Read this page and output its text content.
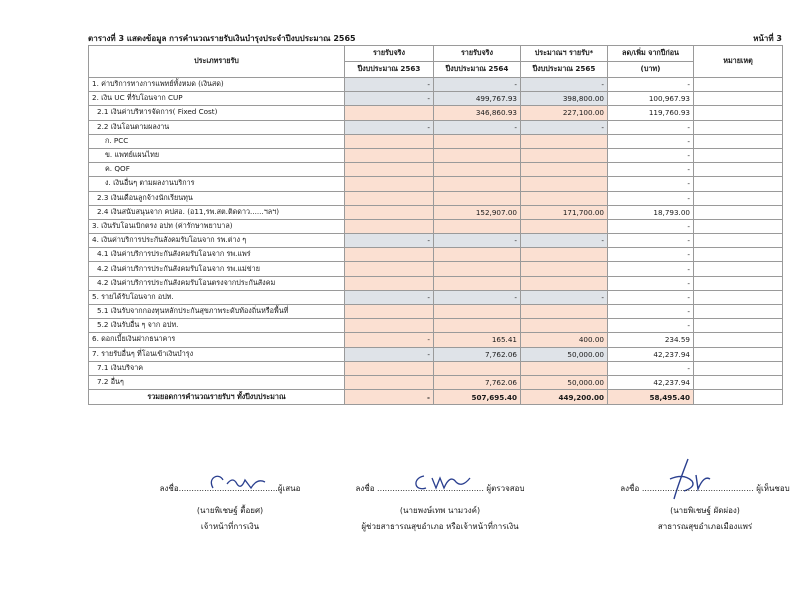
ตารางที่ 3 แสดงข้อมูล การคำนวณรายรับเงินบำรุงประจำปีงบประมาณ 2565	หน้าที่ 3
ประเภทรายรับ	รายรับจริง	รายรับจริง	ประมาณฯ รายรับ*	ลด/เพิ่ม จากปีก่อน	หมายเหตุ
	ปีงบประมาณ 2563	ปีงบประมาณ 2564	ปีงบประมาณ 2565	(บาท)	
1. ค่าบริการทางการแพทย์ทั้งหมด (เงินสด)	-	-	-	-	
2. เงิน UC ที่รับโอนจาก CUP	-	499,767.93	398,800.00	100,967.93	
2.1 เงินค่าบริหารจัดการ( Fixed Cost)		346,860.93	227,100.00	119,760.93	
2.2 เงินโอนตามผลงาน	-	-	-	-	
ก. PCC				-	
ข. แพทย์แผนไทย				-	
ค. QOF				-	
ง. เงินอื่นๆ ตามผลงานบริการ				-	
2.3 เงินเดือนลูกจ้างนักเรียนทุน				-	
2.4 เงินสนับสนุนจาก คปสอ. (อ11,รพ.สต.ติดดาว......ฯลฯ)		152,907.00	171,700.00	18,793.00	
3. เงินรับโอนเบิกตรง อปท (ค่ารักษาพยาบาล)				-	
4. เงินค่าบริการประกันสังคมรับโอนจาก รพ.ต่าง ๆ	-	-	-	-	
4.1 เงินค่าบริการประกันสังคมรับโอนจาก รพ.แพร่				-	
4.2 เงินค่าบริการประกันสังคมรับโอนจาก รพ.แม่ข่าย				-	
4.2 เงินค่าบริการประกันสังคมรับโอนตรงจากประกันสังคม				-	
5. รายได้รับโอนจาก อปท.	-	-	-	-	
5.1 เงินรับจากกองทุนหลักประกันสุขภาพระดับท้องถิ่นหรือพื้นที่				-	
5.2 เงินรับอื่น ๆ จาก อปท.				-	
6. ดอกเบี้ยเงินฝากธนาคาร	-	165.41	400.00	234.59	
7. รายรับอื่นๆ ที่โอนเข้าเงินบำรุง	-	7,762.06	50,000.00	42,237.94	
7.1 เงินบริจาค				-	
7.2 อื่นๆ		7,762.06	50,000.00	42,237.94	
รวมยอดการคำนวณรายรับฯ ทั้งปีงบประมาณ	-	507,695.40	449,200.00	58,495.40	
ลงชื่อ.......................................ผู้เสนอ
(นายพิเชษฐ์ ตื้อยศ)
เจ้าหน้าที่การเงิน
ลงชื่อ .......................................... ผู้ตรวจสอบ
(นายพงษ์เทพ นามวงค์)
ผู้ช่วยสาธารณสุขอำเภอ หรือเจ้าหน้าที่การเงิน
ลงชื่อ ............................................ ผู้เห็นชอบ
(นายพิเชษฐ์ ผัดผ่อง)
สาธารณสุขอำเภอเมืองแพร่
